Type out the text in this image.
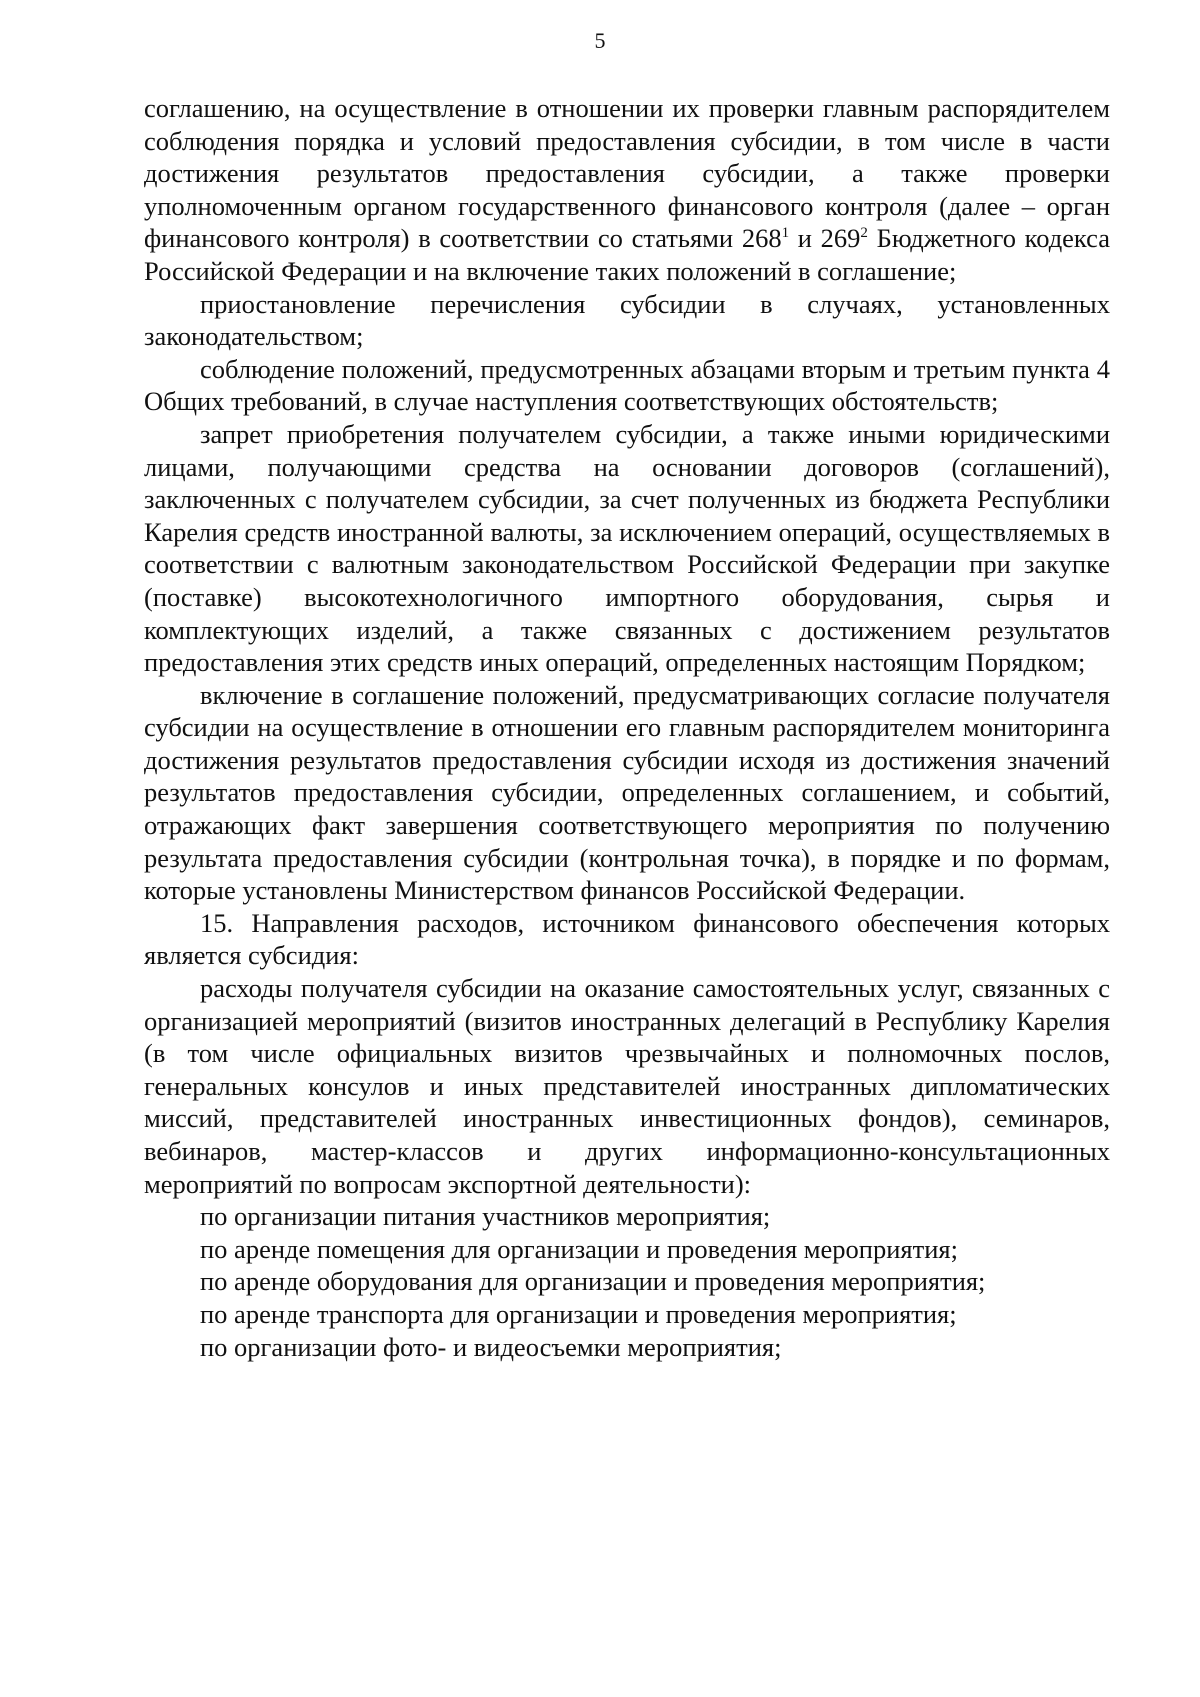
5

соглашению, на осуществление в отношении их проверки главным распорядителем соблюдения порядка и условий предоставления субсидии, в том числе в части достижения результатов предоставления субсидии, а также проверки уполномоченным органом государственного финансового контроля (далее – орган финансового контроля) в соответствии со статьями $268^1$ и $269^2$ Бюджетного кодекса Российской Федерации и на включение таких положений в соглашение;

приостановление перечисления субсидии в случаях, установленных законодательством;

соблюдение положений, предусмотренных абзацами вторым и третьим пункта 4 Общих требований, в случае наступления соответствующих обстоятельств;

запрет приобретения получателем субсидии, а также иными юридическими лицами, получающими средства на основании договоров (соглашений), заключенных с получателем субсидии, за счет полученных из бюджета Республики Карелия средств иностранной валюты, за исключением операций, осуществляемых в соответствии с валютным законодательством Российской Федерации при закупке (поставке) высокотехнологичного импортного оборудования, сырья и комплектующих изделий, а также связанных с достижением результатов предоставления этих средств иных операций, определенных настоящим Порядком;

включение в соглашение положений, предусматривающих согласие получателя субсидии на осуществление в отношении его главным распорядителем мониторинга достижения результатов предоставления субсидии исходя из достижения значений результатов предоставления субсидии, определенных соглашением, и событий, отражающих факт завершения соответствующего мероприятия по получению результата предоставления субсидии (контрольная точка), в порядке и по формам, которые установлены Министерством финансов Российской Федерации.

15. Направления расходов, источником финансового обеспечения которых является субсидия:

расходы получателя субсидии на оказание самостоятельных услуг, связанных с организацией мероприятий (визитов иностранных делегаций в Республику Карелия (в том числе официальных визитов чрезвычайных и полномочных послов, генеральных консулов и иных представителей иностранных дипломатических миссий, представителей иностранных инвестиционных фондов), семинаров, вебинаров, мастер-классов и других информационно-консультационных мероприятий по вопросам экспортной деятельности):

по организации питания участников мероприятия;

по аренде помещения для организации и проведения мероприятия;

по аренде оборудования для организации и проведения мероприятия;

по аренде транспорта для организации и проведения мероприятия;

по организации фото- и видеосъемки мероприятия;
